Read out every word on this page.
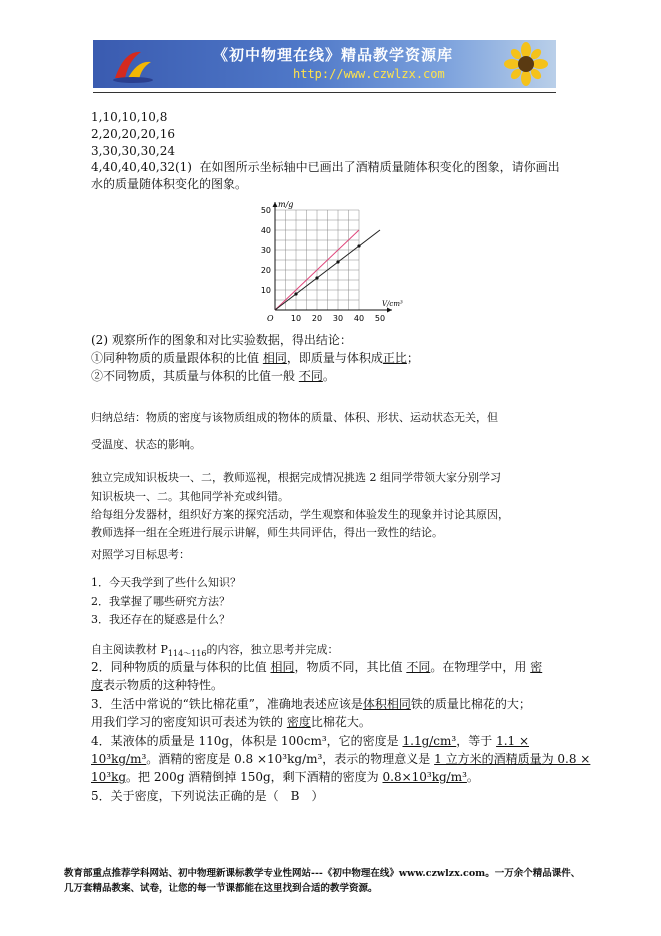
《初中物理在线》精品教学资源库
http://www.czwlzx.com
1,10,10,10,8
2,20,20,20,16
3,30,30,30,24
4,40,40,40,32(1) 在如图所示坐标轴中已画出了酒精质量随体积变化的图象，请你画出
水的质量随体积变化的图象。
10 20 30 40 50
10
20
30
40
50
O
m/g
V/cm³
(2) 观察所作的图象和对比实验数据，得出结论：
①同种物质的质量跟体积的比值 相同，即质量与体积成正比；
②不同物质，其质量与体积的比值一般 不同。
归纳总结：物质的密度与该物质组成的物体的质量、体积、形状、运动状态无关，但
受温度、状态的影响。
独立完成知识板块一、二，教师巡视，根据完成情况挑选 2 组同学带领大家分别学习
知识板块一、二。其他同学补充或纠错。
给每组分发器材，组织好方案的探究活动，学生观察和体验发生的现象并讨论其原因，
教师选择一组在全班进行展示讲解，师生共同评估，得出一致性的结论。
对照学习目标思考：
1．今天我学到了些什么知识？
2．我掌握了哪些研究方法？
3．我还存在的疑惑是什么？
自主阅读教材 $P_{114\sim 116}$的内容，独立思考并完成：
2．同种物质的质量与体积的比值 相同，物质不同，其比值 不同。在物理学中，用 密
度表示物质的这种特性。
3．生活中常说的“铁比棉花重”，准确地表述应该是体积相同铁的质量比棉花的大；
用我们学习的密度知识可表述为铁的 密度比棉花大。
4．某液体的质量是 110g，体积是 100cm³，它的密度是 1.1g/cm³，等于 1.1 ×
10³kg/m³。酒精的密度是 0.8 ×10³kg/m³，表示的物理意义是 1 立方米的酒精质量为 0.8 ×
10³kg。把 200g 酒精倒掉 150g，剩下酒精的密度为 0.8×10³kg/m³。
5．关于密度，下列说法正确的是（　B　）
教育部重点推荐学科网站、初中物理新课标教学专业性网站---《初中物理在线》www.czwlzx.com。一万余个精品课件、
几万套精品教案、试卷，让您的每一节课都能在这里找到合适的教学资源。
